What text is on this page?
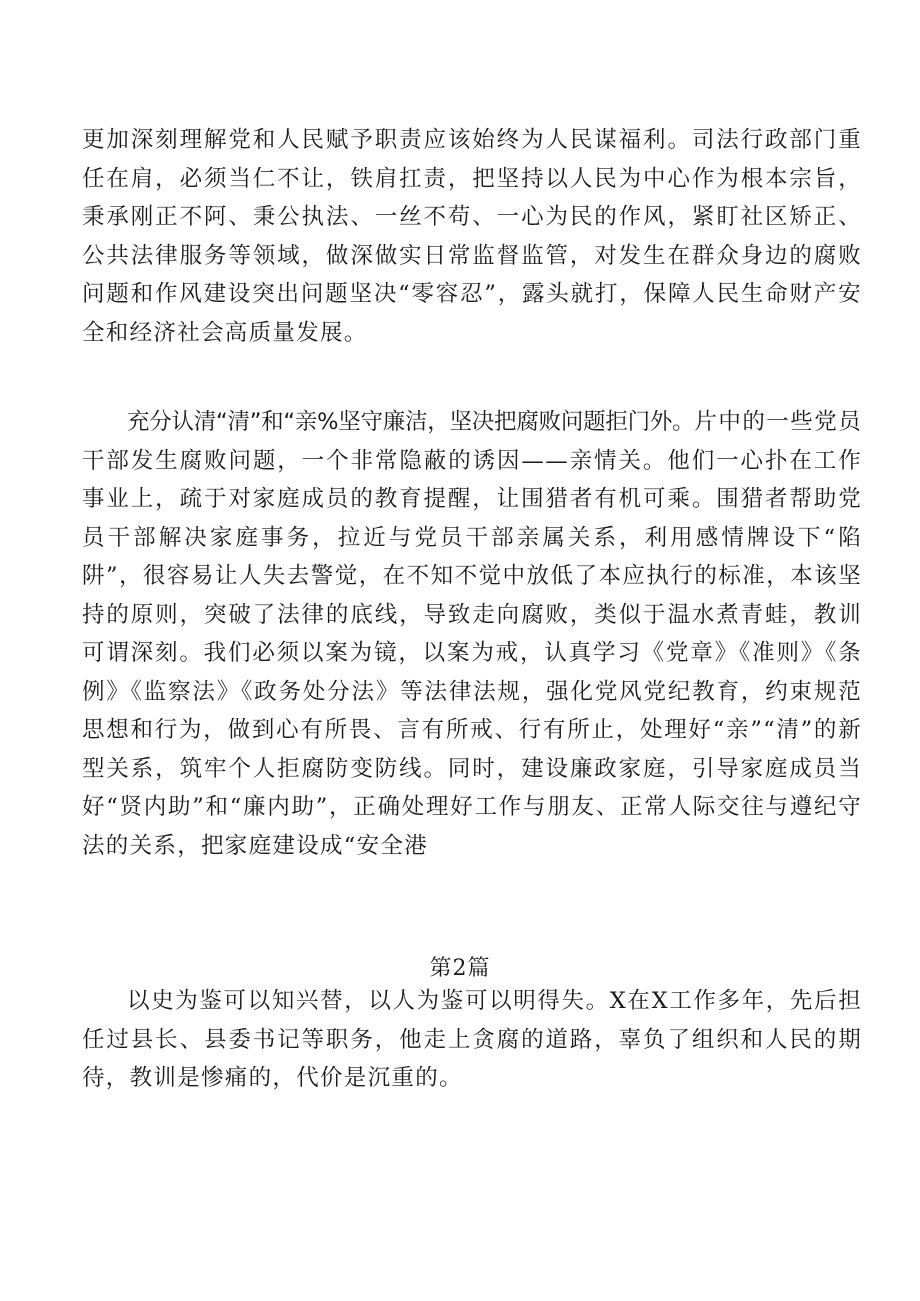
更加深刻理解党和人民赋予职责应该始终为人民谋福利。司法行政部门重任在肩，必须当仁不让，铁肩扛责，把坚持以人民为中心作为根本宗旨，秉承刚正不阿、秉公执法、一丝不苟、一心为民的作风，紧盯社区矫正、公共法律服务等领域，做深做实日常监督监管，对发生在群众身边的腐败问题和作风建设突出问题坚决“零容忍”，露头就打，保障人民生命财产安全和经济社会高质量发展。

充分认清“清”和“亲%坚守廉洁，坚决把腐败问题拒门外。片中的一些党员干部发生腐败问题，一个非常隐蔽的诱因——亲情关。他们一心扑在工作事业上，疏于对家庭成员的教育提醒，让围猎者有机可乘。围猎者帮助党员干部解决家庭事务，拉近与党员干部亲属关系，利用感情牌设下“陷阱”，很容易让人失去警觉，在不知不觉中放低了本应执行的标准，本该坚持的原则，突破了法律的底线，导致走向腐败，类似于温水煮青蛙，教训可谓深刻。我们必须以案为镜，以案为戒，认真学习《党章》《准则》《条例》《监察法》《政务处分法》等法律法规，强化党风党纪教育，约束规范思想和行为，做到心有所畏、言有所戒、行有所止，处理好“亲”“清”的新型关系，筑牢个人拒腐防变防线。同时，建设廉政家庭，引导家庭成员当好“贤内助”和“廉内助”，正确处理好工作与朋友、正常人际交往与遵纪守法的关系，把家庭建设成“安全港

第2篇

以史为鉴可以知兴替，以人为鉴可以明得失。X在X工作多年，先后担任过县长、县委书记等职务，他走上贪腐的道路，辜负了组织和人民的期待，教训是惨痛的，代价是沉重的。
